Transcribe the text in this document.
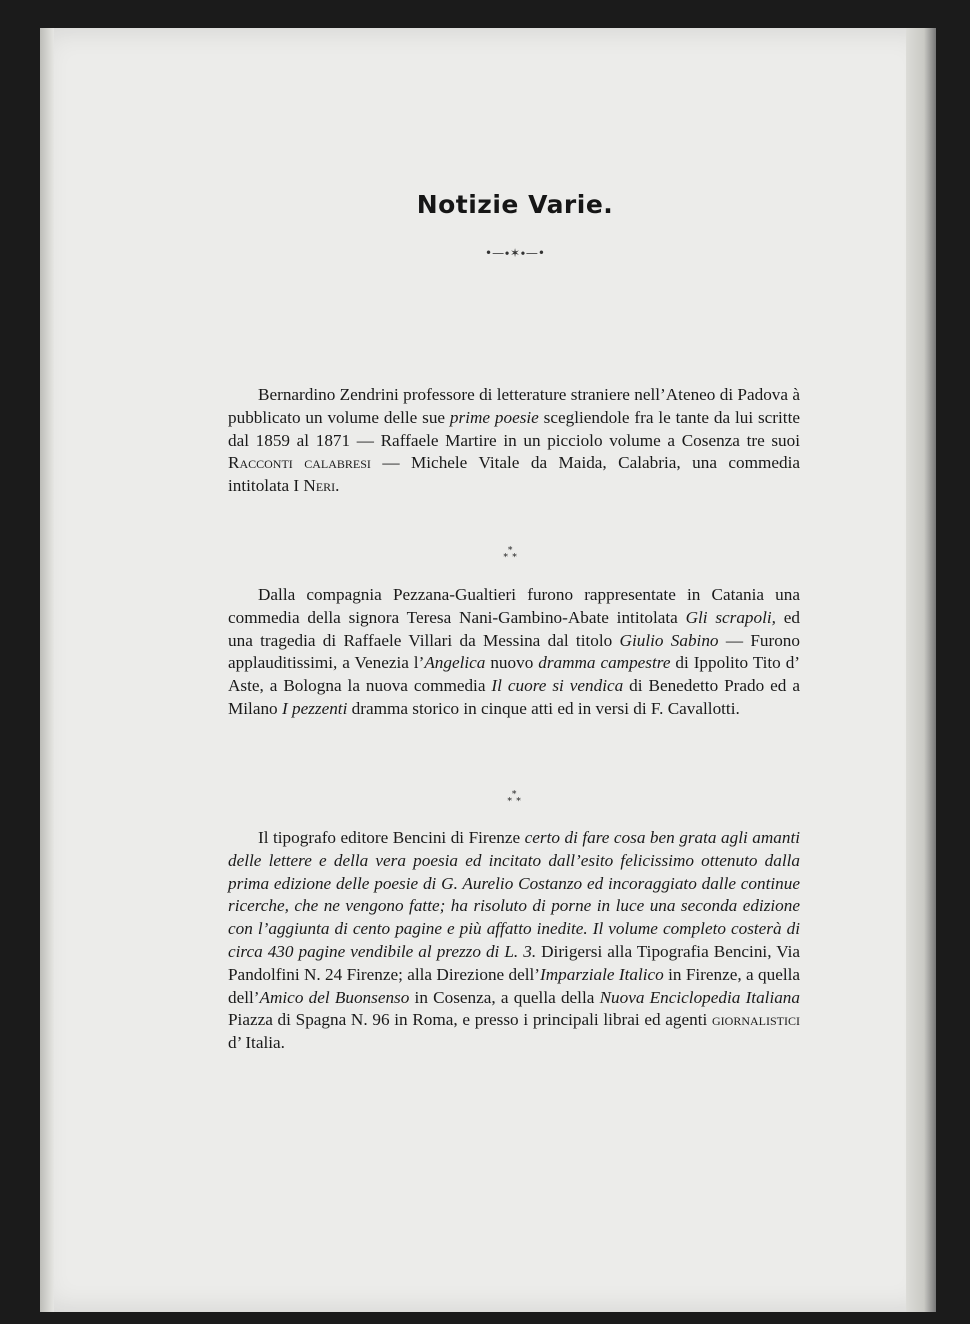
Notizie Varie.
•—∙✶∙—•

Bernardino Zendrini professore di letterature straniere nell’Ateneo di Padova à pubblicato un volume delle sue prime poesie scegliendole fra le tante da lui scritte dal 1859 al 1871 — Raffaele Martire in un picciolo volume a Cosenza tre suoi Racconti calabresi — Michele Vitale da Maida, Calabria, una commedia intitolata I Neri.

∗
∗ ∗

Dalla compagnia Pezzana-Gualtieri furono rappresentate in Catania una commedia della signora Teresa Nani-Gambino-Abate intitolata Gli scrapoli, ed una tragedia di Raffaele Villari da Messina dal titolo Giulio Sabino — Furono applauditissimi, a Venezia l’Angelica nuovo dramma campestre di Ippolito Tito d’ Aste, a Bologna la nuova commedia Il cuore si vendica di Benedetto Prado ed a Milano I pezzenti dramma storico in cinque atti ed in versi di F. Cavallotti.

∗
∗ ∗

Il tipografo editore Bencini di Firenze certo di fare cosa ben grata agli amanti delle lettere e della vera poesia ed incitato dall’esito felicissimo ottenuto dalla prima edizione delle poesie di G. Aurelio Costanzo ed incoraggiato dalle continue ricerche, che ne vengono fatte; ha risoluto di porne in luce una seconda edizione con l’aggiunta di cento pagine e più affatto inedite. Il volume completo costerà di circa 430 pagine vendibile al prezzo di L. 3. Dirigersi alla Tipografia Bencini, Via Pandolfini N. 24 Firenze; alla Direzione dell’Imparziale Italico in Firenze, a quella dell’Amico del Buonsenso in Cosenza, a quella della Nuova Enciclopedia Italiana Piazza di Spagna N. 96 in Roma, e presso i principali librai ed agenti giornalistici d’ Italia.
